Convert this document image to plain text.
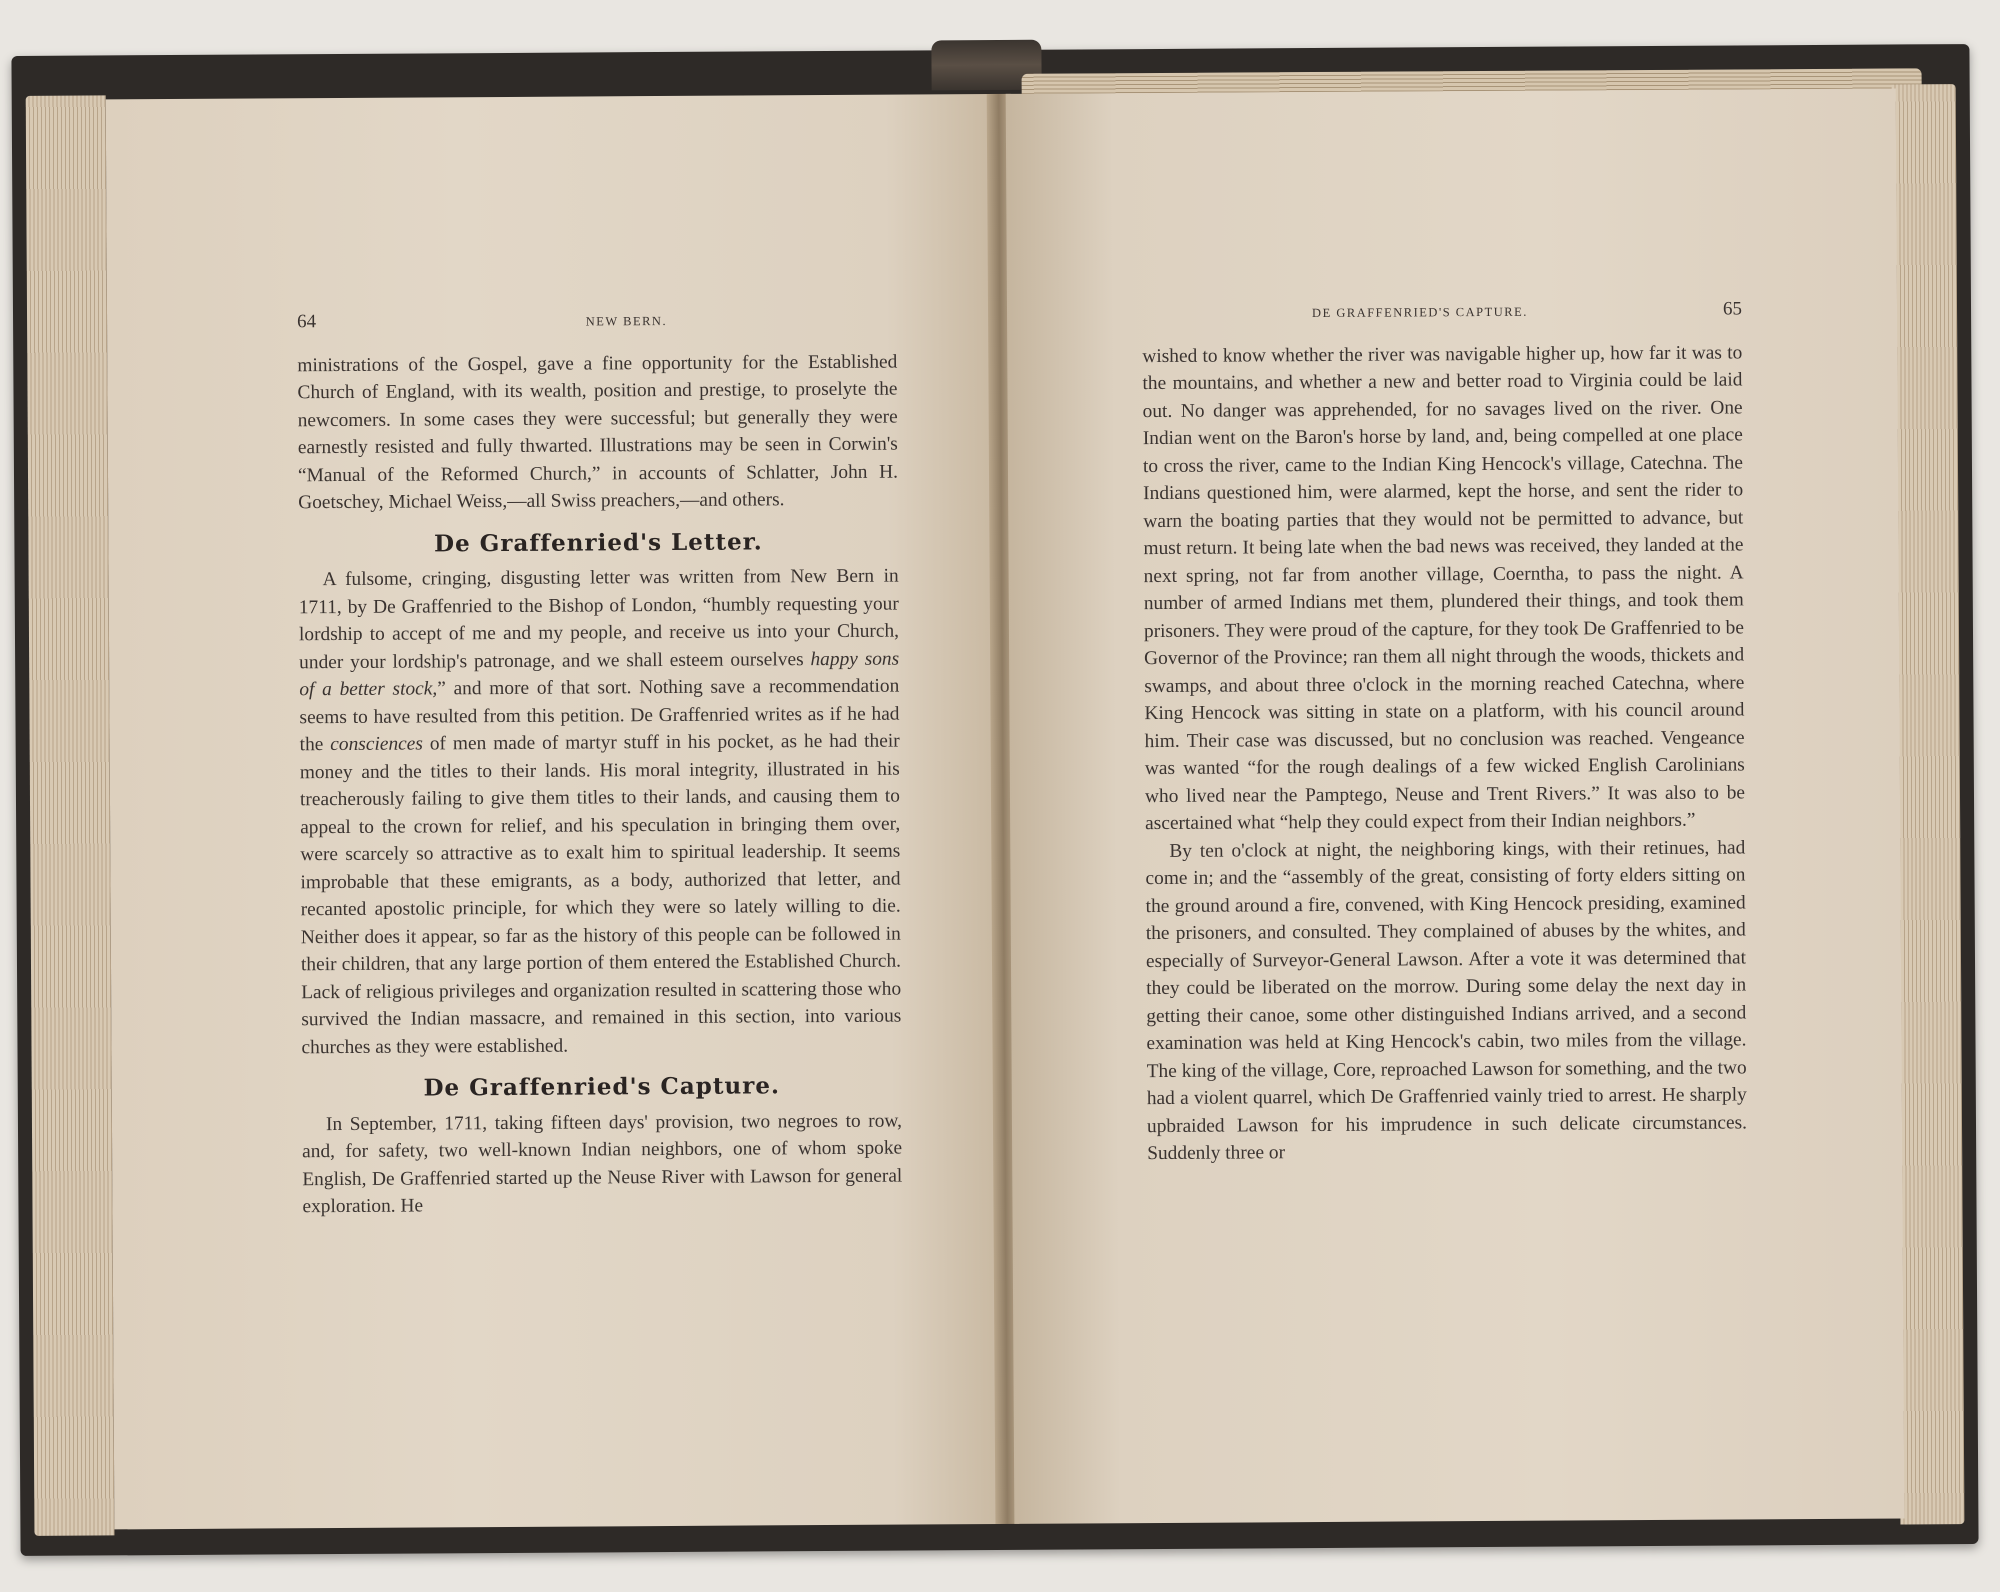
64	NEW BERN.

ministrations of the Gospel, gave a fine opportunity for the Established Church of England, with its wealth, position and prestige, to proselyte the newcomers. In some cases they were successful; but generally they were earnestly resisted and fully thwarted. Illustrations may be seen in Corwin's “Manual of the Reformed Church,” in accounts of Schlatter, John H. Goetschey, Michael Weiss,—all Swiss preachers,—and others.

De Graffenried's Letter.

A fulsome, cringing, disgusting letter was written from New Bern in 1711, by De Graffenried to the Bishop of London, “humbly requesting your lordship to accept of me and my people, and receive us into your Church, under your lordship's patronage, and we shall esteem ourselves happy sons of a better stock,” and more of that sort. Nothing save a recommendation seems to have resulted from this petition. De Graffenried writes as if he had the consciences of men made of martyr stuff in his pocket, as he had their money and the titles to their lands. His moral integrity, illustrated in his treacherously failing to give them titles to their lands, and causing them to appeal to the crown for relief, and his speculation in bringing them over, were scarcely so attractive as to exalt him to spiritual leadership. It seems improbable that these emigrants, as a body, authorized that letter, and recanted apostolic principle, for which they were so lately willing to die. Neither does it appear, so far as the history of this people can be followed in their children, that any large portion of them entered the Established Church. Lack of religious privileges and organization resulted in scattering those who survived the Indian massacre, and remained in this section, into various churches as they were established.

De Graffenried's Capture.

In September, 1711, taking fifteen days' provision, two negroes to row, and, for safety, two well-known Indian neighbors, one of whom spoke English, De Graffenried started up the Neuse River with Lawson for general exploration. He

DE GRAFFENRIED'S CAPTURE.	65

wished to know whether the river was navigable higher up, how far it was to the mountains, and whether a new and better road to Virginia could be laid out. No danger was apprehended, for no savages lived on the river. One Indian went on the Baron's horse by land, and, being compelled at one place to cross the river, came to the Indian King Hencock's village, Catechna. The Indians questioned him, were alarmed, kept the horse, and sent the rider to warn the boating parties that they would not be permitted to advance, but must return. It being late when the bad news was received, they landed at the next spring, not far from another village, Coerntha, to pass the night. A number of armed Indians met them, plundered their things, and took them prisoners. They were proud of the capture, for they took De Graffenried to be Governor of the Province; ran them all night through the woods, thickets and swamps, and about three o'clock in the morning reached Catechna, where King Hencock was sitting in state on a platform, with his council around him. Their case was discussed, but no conclusion was reached. Vengeance was wanted “for the rough dealings of a few wicked English Carolinians who lived near the Pamptego, Neuse and Trent Rivers.” It was also to be ascertained what “help they could expect from their Indian neighbors.”

By ten o'clock at night, the neighboring kings, with their retinues, had come in; and the “assembly of the great, consisting of forty elders sitting on the ground around a fire, convened, with King Hencock presiding, examined the prisoners, and consulted. They complained of abuses by the whites, and especially of Surveyor-General Lawson. After a vote it was determined that they could be liberated on the morrow. During some delay the next day in getting their canoe, some other distinguished Indians arrived, and a second examination was held at King Hencock's cabin, two miles from the village. The king of the village, Core, reproached Lawson for something, and the two had a violent quarrel, which De Graffenried vainly tried to arrest. He sharply upbraided Lawson for his imprudence in such delicate circumstances. Suddenly three or
